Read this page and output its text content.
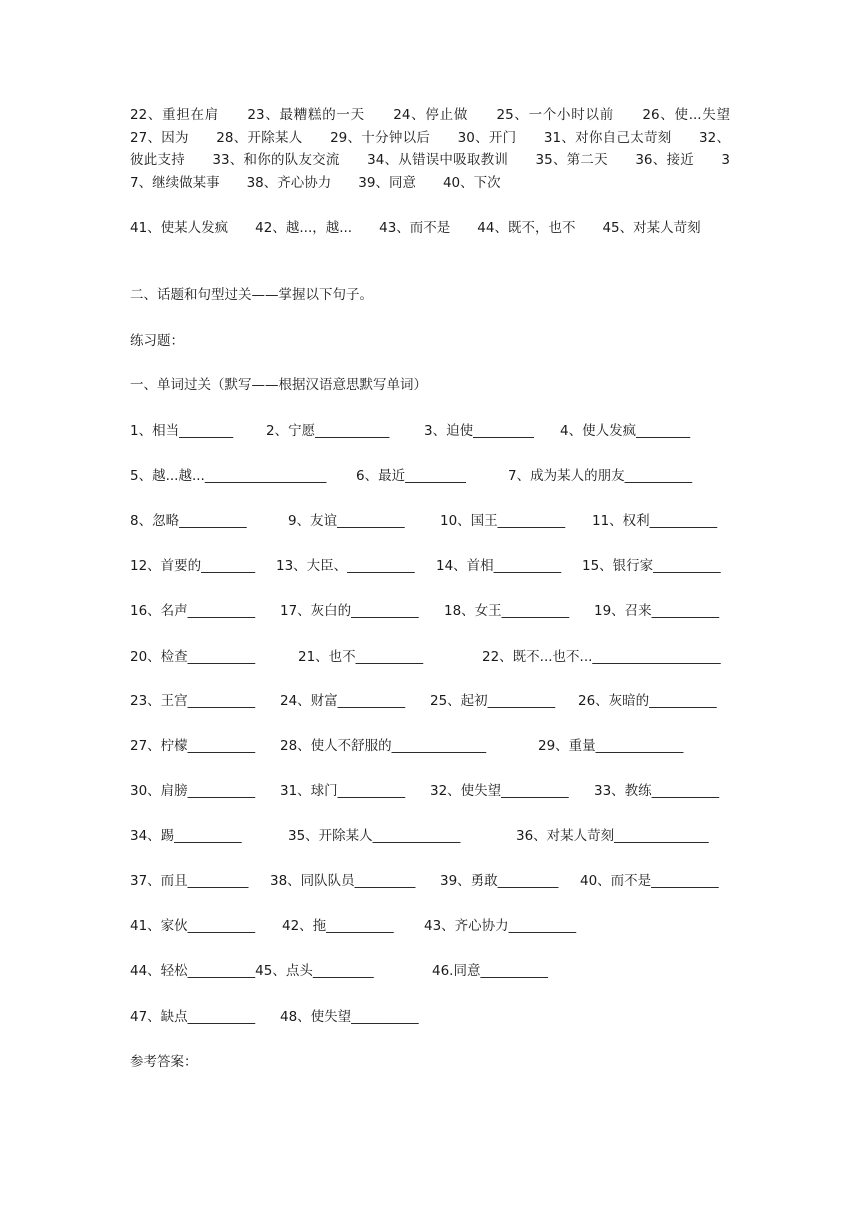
22、重担在肩　　23、最糟糕的一天　　24、停止做　　25、一个小时以前　　26、使...失望　　27、因为　　28、开除某人　　29、十分钟以后　　30、开门　　31、对你自己太苛刻　　32、彼此支持　　33、和你的队友交流　　34、从错误中吸取教训　　35、第二天　　36、接近　　37、继续做某事　　38、齐心协力　　39、同意　　40、下次

41、使某人发疯　　42、越...，越...　　43、而不是　　44、既不，也不　　45、对某人苛刻

二、话题和句型过关——掌握以下句子。

练习题：

一、单词过关（默写——根据汉语意思默写单词）

1、相当________ 2、宁愿___________	3、迫使_________ 4、使人发疯________
5、越...越...__________________ 6、最近_________	7、成为某人的朋友__________
8、忽略__________	9、友谊__________	10、国王__________ 11、权利__________
12、首要的________ 13、大臣、__________ 14、首相__________ 15、银行家__________
16、名声__________ 17、灰白的__________ 18、女王__________ 19、召来__________
20、检查__________	21、也不__________	22、既不...也不...___________________
23、王宫__________ 24、财富__________ 25、起初__________ 26、灰暗的__________
27、柠檬__________ 28、使人不舒服的______________	29、重量_____________
30、肩膀__________ 31、球门__________ 32、使失望__________ 33、教练__________
34、踢__________	35、开除某人_____________	36、对某人苛刻______________
37、而且_________ 38、同队队员_________ 39、勇敢_________ 40、而不是__________
41、家伙__________ 42、拖__________ 43、齐心协力__________
44、轻松__________45、点头_________	46.同意__________
47、缺点__________ 48、使失望__________

参考答案：
